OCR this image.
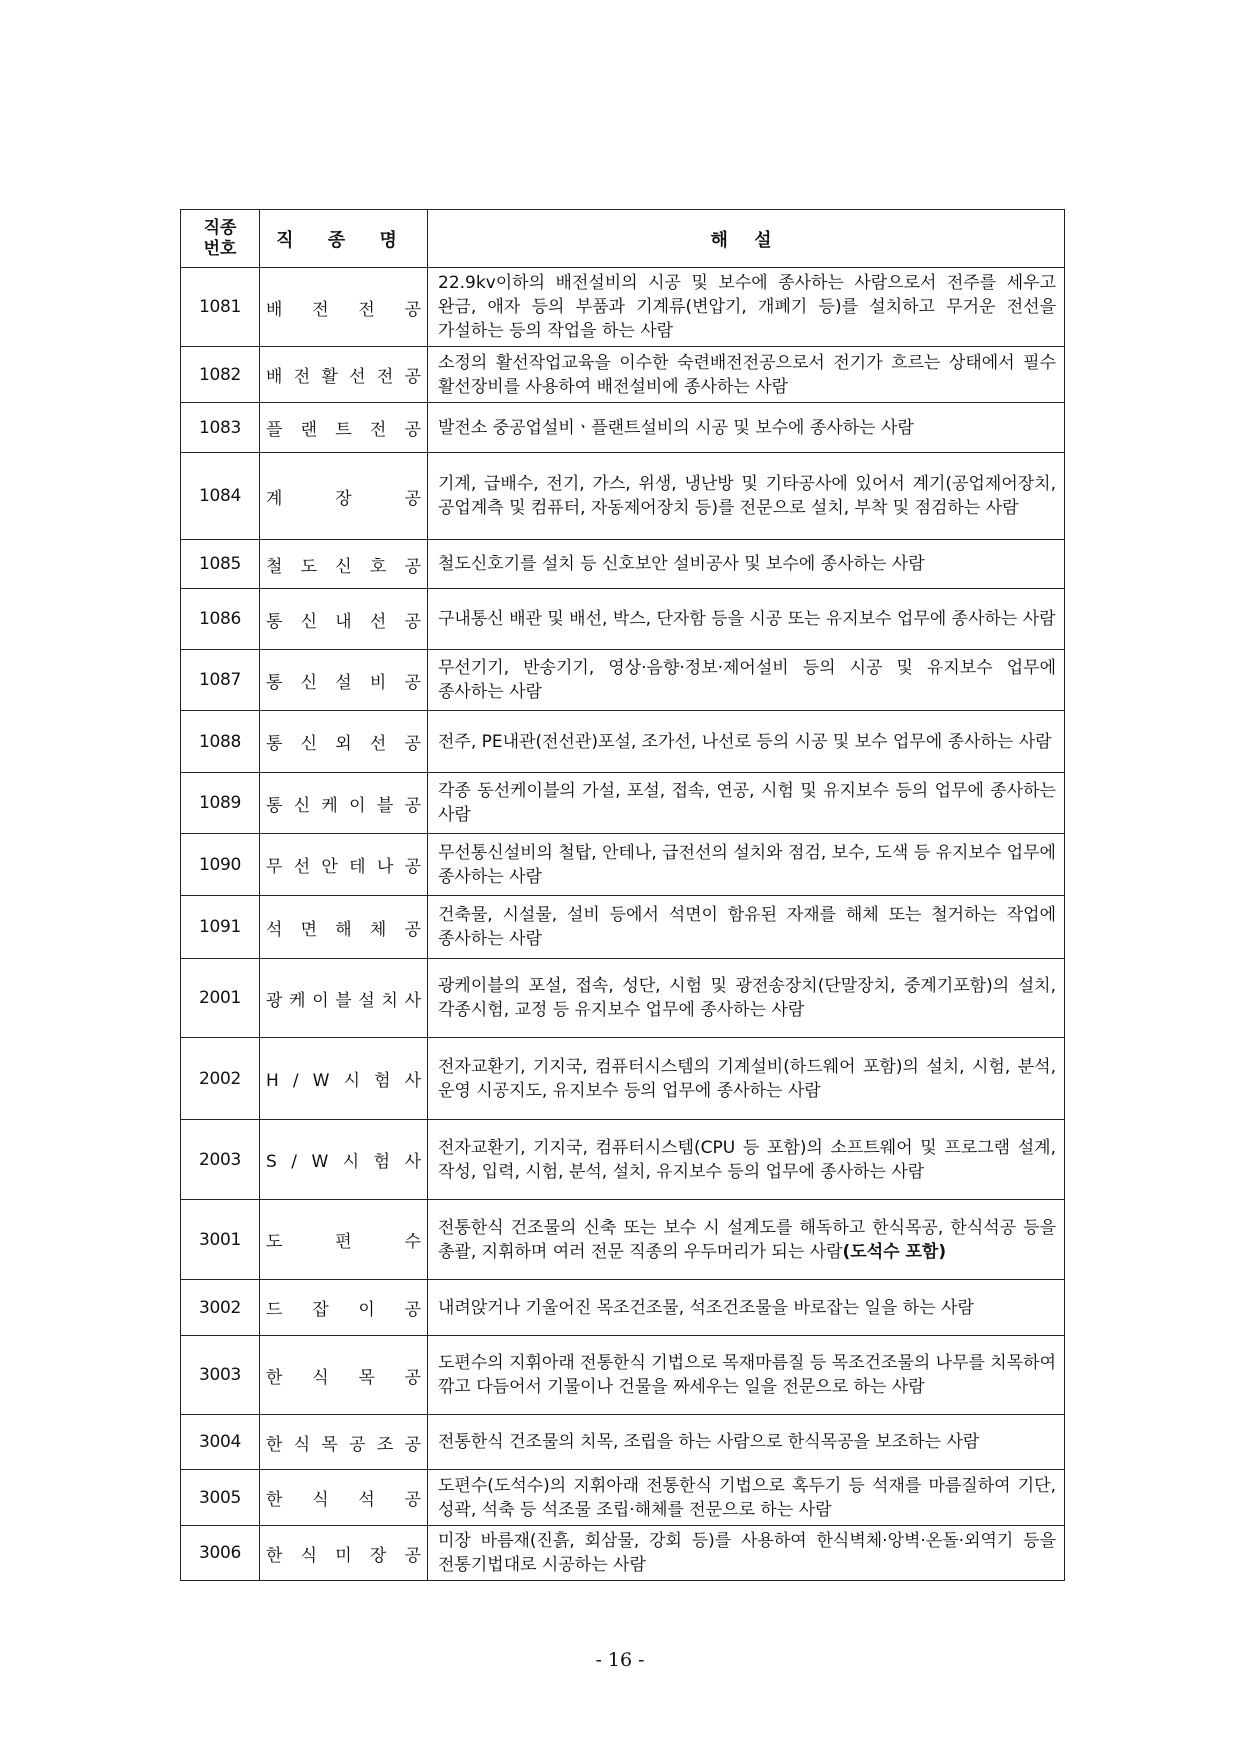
직종
번호	직 종 명	해 설
1081	배 전 전 공	22.9kv이하의 배전설비의 시공 및 보수에 종사하는 사람으로서 전주를 세우고 완금, 애자 등의 부품과 기계류(변압기, 개폐기 등)를 설치하고 무거운 전선을 가설하는 등의 작업을 하는 사람
1082	배 전 활 선 전 공	소정의 활선작업교육을 이수한 숙련배전전공으로서 전기가 흐르는 상태에서 필수 활선장비를 사용하여 배전설비에 종사하는 사람
1083	플 랜 트 전 공	발전소 중공업설비ㆍ플랜트설비의 시공 및 보수에 종사하는 사람
1084	계 장 공	기계, 급배수, 전기, 가스, 위생, 냉난방 및 기타공사에 있어서 계기(공업제어장치, 공업계측 및 컴퓨터, 자동제어장치 등)를 전문으로 설치, 부착 및 점검하는 사람
1085	철 도 신 호 공	철도신호기를 설치 등 신호보안 설비공사 및 보수에 종사하는 사람
1086	통 신 내 선 공	구내통신 배관 및 배선, 박스, 단자함 등을 시공 또는 유지보수 업무에 종사하는 사람
1087	통 신 설 비 공	무선기기, 반송기기, 영상·음향·정보·제어설비 등의 시공 및 유지보수 업무에 종사하는 사람
1088	통 신 외 선 공	전주, PE내관(전선관)포설, 조가선, 나선로 등의 시공 및 보수 업무에 종사하는 사람
1089	통 신 케 이 블 공	각종 동선케이블의 가설, 포설, 접속, 연공, 시험 및 유지보수 등의 업무에 종사하는 사람
1090	무 선 안 테 나 공	무선통신설비의 철탑, 안테나, 급전선의 설치와 점검, 보수, 도색 등 유지보수 업무에 종사하는 사람
1091	석 면 해 체 공	건축물, 시설물, 설비 등에서 석면이 함유된 자재를 해체 또는 철거하는 작업에 종사하는 사람
2001	광 케 이 블 설 치 사	광케이블의 포설, 접속, 성단, 시험 및 광전송장치(단말장치, 중계기포함)의 설치, 각종시험, 교정 등 유지보수 업무에 종사하는 사람
2002	H / W 시 험 사	전자교환기, 기지국, 컴퓨터시스템의 기계설비(하드웨어 포함)의 설치, 시험, 분석, 운영 시공지도, 유지보수 등의 업무에 종사하는 사람
2003	S / W 시 험 사	전자교환기, 기지국, 컴퓨터시스템(CPU 등 포함)의 소프트웨어 및 프로그램 설계, 작성, 입력, 시험, 분석, 설치, 유지보수 등의 업무에 종사하는 사람
3001	도 편 수	전통한식 건조물의 신축 또는 보수 시 설계도를 해독하고 한식목공, 한식석공 등을 총괄, 지휘하며 여러 전문 직종의 우두머리가 되는 사람(도석수 포함)
3002	드 잡 이 공	내려앉거나 기울어진 목조건조물, 석조건조물을 바로잡는 일을 하는 사람
3003	한 식 목 공	도편수의 지휘아래 전통한식 기법으로 목재마름질 등 목조건조물의 나무를 치목하여 깎고 다듬어서 기물이나 건물을 짜세우는 일을 전문으로 하는 사람
3004	한 식 목 공 조 공	전통한식 건조물의 치목, 조립을 하는 사람으로 한식목공을 보조하는 사람
3005	한 식 석 공	도편수(도석수)의 지휘아래 전통한식 기법으로 혹두기 등 석재를 마름질하여 기단, 성곽, 석축 등 석조물 조립·해체를 전문으로 하는 사람
3006	한 식 미 장 공	미장 바름재(진흙, 회삼물, 강회 등)를 사용하여 한식벽체·앙벽·온돌·외역기 등을 전통기법대로 시공하는 사람
- 16 -
